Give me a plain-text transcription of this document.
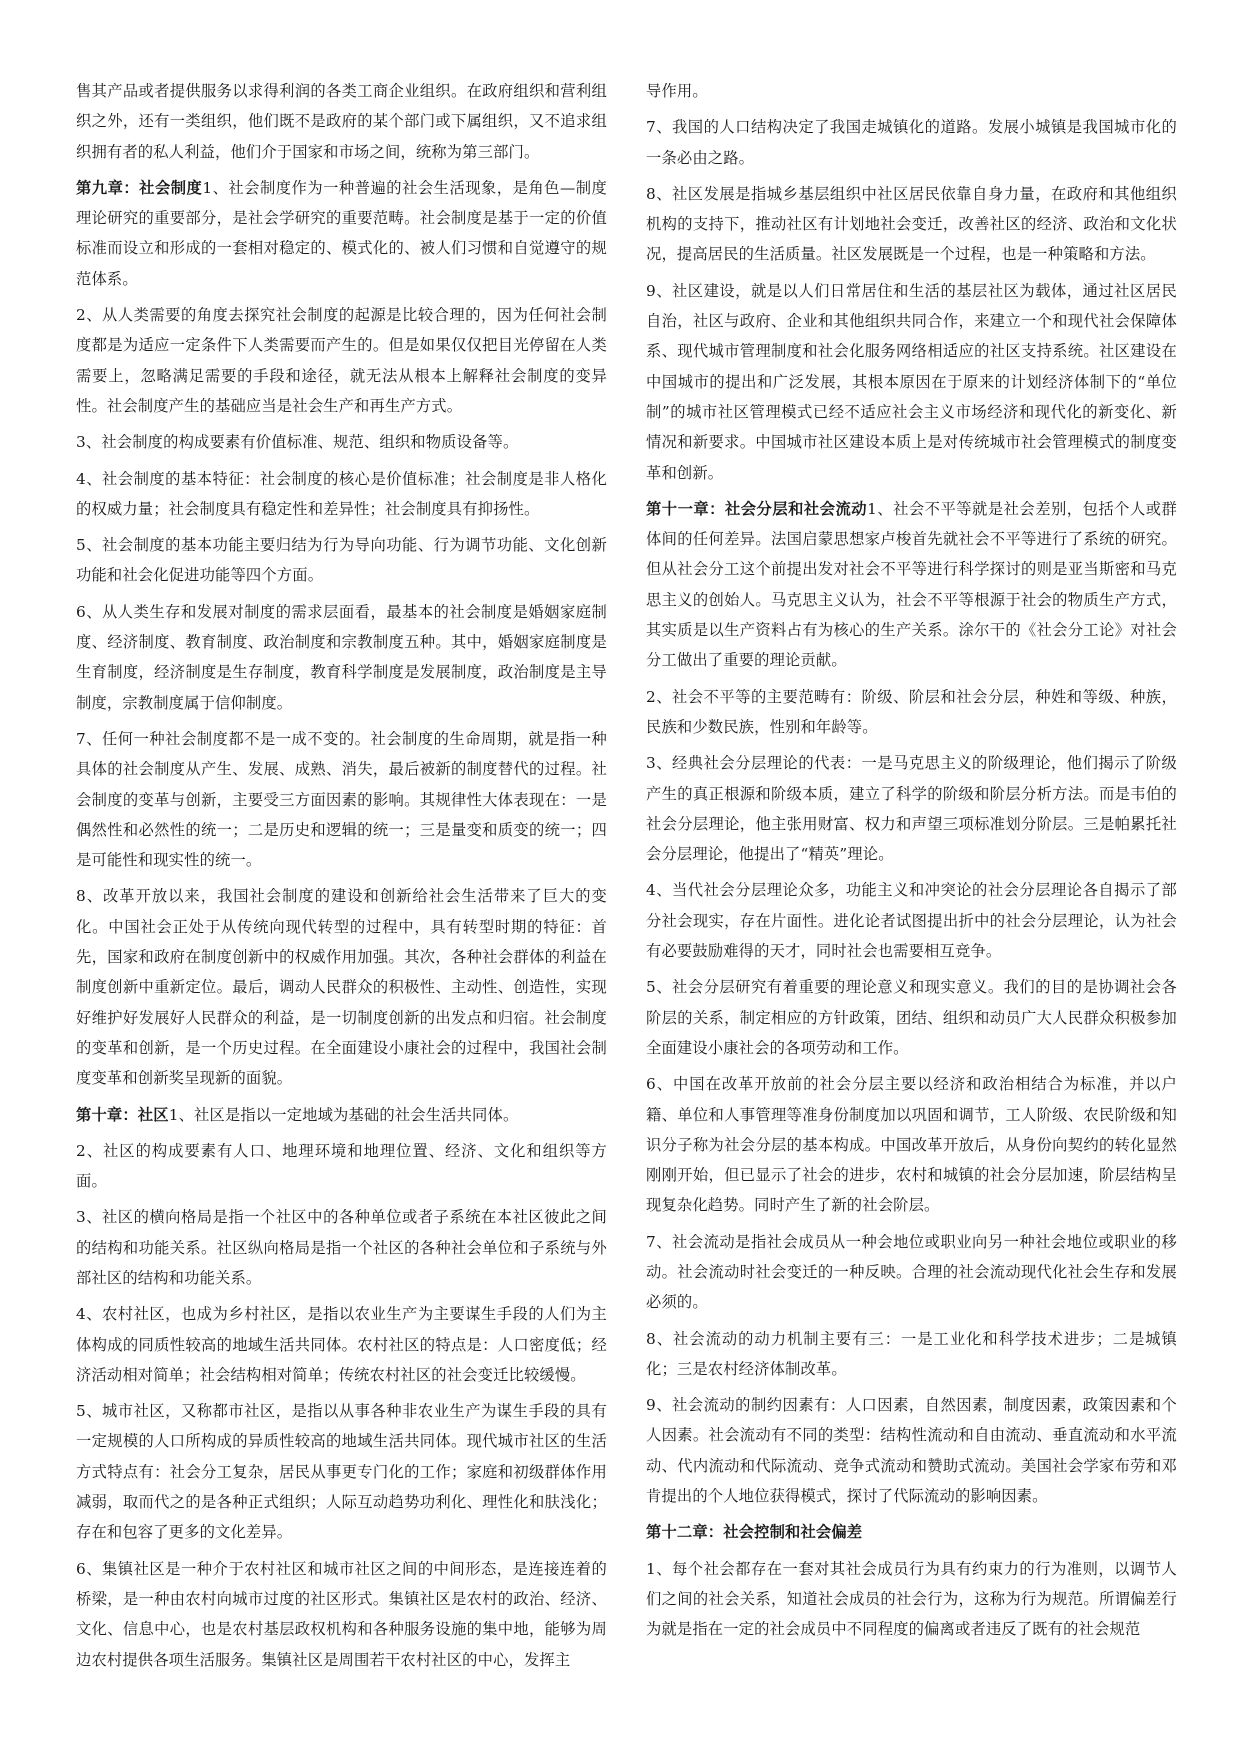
售其产品或者提供服务以求得利润的各类工商企业组织。在政府组织和营利组织之外，还有一类组织，他们既不是政府的某个部门或下属组织，又不追求组织拥有者的私人利益，他们介于国家和市场之间，统称为第三部门。

第九章：社会制度1、社会制度作为一种普遍的社会生活现象，是角色—制度理论研究的重要部分，是社会学研究的重要范畴。社会制度是基于一定的价值标准而设立和形成的一套相对稳定的、模式化的、被人们习惯和自觉遵守的规范体系。

2、从人类需要的角度去探究社会制度的起源是比较合理的，因为任何社会制度都是为适应一定条件下人类需要而产生的。但是如果仅仅把目光停留在人类需要上，忽略满足需要的手段和途径，就无法从根本上解释社会制度的变异性。社会制度产生的基础应当是社会生产和再生产方式。

3、社会制度的构成要素有价值标准、规范、组织和物质设备等。

4、社会制度的基本特征：社会制度的核心是价值标准；社会制度是非人格化的权威力量；社会制度具有稳定性和差异性；社会制度具有抑扬性。

5、社会制度的基本功能主要归结为行为导向功能、行为调节功能、文化创新功能和社会化促进功能等四个方面。

6、从人类生存和发展对制度的需求层面看，最基本的社会制度是婚姻家庭制度、经济制度、教育制度、政治制度和宗教制度五种。其中，婚姻家庭制度是生育制度，经济制度是生存制度，教育科学制度是发展制度，政治制度是主导制度，宗教制度属于信仰制度。

7、任何一种社会制度都不是一成不变的。社会制度的生命周期，就是指一种具体的社会制度从产生、发展、成熟、消失，最后被新的制度替代的过程。社会制度的变革与创新，主要受三方面因素的影响。其规律性大体表现在：一是偶然性和必然性的统一；二是历史和逻辑的统一；三是量变和质变的统一；四是可能性和现实性的统一。

8、改革开放以来，我国社会制度的建设和创新给社会生活带来了巨大的变化。中国社会正处于从传统向现代转型的过程中，具有转型时期的特征：首先，国家和政府在制度创新中的权威作用加强。其次，各种社会群体的利益在制度创新中重新定位。最后，调动人民群众的积极性、主动性、创造性，实现好维护好发展好人民群众的利益，是一切制度创新的出发点和归宿。社会制度的变革和创新，是一个历史过程。在全面建设小康社会的过程中，我国社会制度变革和创新奖呈现新的面貌。

第十章：社区1、社区是指以一定地域为基础的社会生活共同体。

2、社区的构成要素有人口、地理环境和地理位置、经济、文化和组织等方面。

3、社区的横向格局是指一个社区中的各种单位或者子系统在本社区彼此之间的结构和功能关系。社区纵向格局是指一个社区的各种社会单位和子系统与外部社区的结构和功能关系。

4、农村社区，也成为乡村社区，是指以农业生产为主要谋生手段的人们为主体构成的同质性较高的地域生活共同体。农村社区的特点是：人口密度低；经济活动相对简单；社会结构相对简单；传统农村社区的社会变迁比较缓慢。

5、城市社区，又称都市社区，是指以从事各种非农业生产为谋生手段的具有一定规模的人口所构成的异质性较高的地域生活共同体。现代城市社区的生活方式特点有：社会分工复杂，居民从事更专门化的工作；家庭和初级群体作用减弱，取而代之的是各种正式组织；人际互动趋势功利化、理性化和肤浅化；存在和包容了更多的文化差异。

6、集镇社区是一种介于农村社区和城市社区之间的中间形态，是连接连着的桥梁，是一种由农村向城市过度的社区形式。集镇社区是农村的政治、经济、文化、信息中心，也是农村基层政权机构和各种服务设施的集中地，能够为周边农村提供各项生活服务。集镇社区是周围若干农村社区的中心，发挥主

导作用。

7、我国的人口结构决定了我国走城镇化的道路。发展小城镇是我国城市化的一条必由之路。

8、社区发展是指城乡基层组织中社区居民依靠自身力量，在政府和其他组织机构的支持下，推动社区有计划地社会变迁，改善社区的经济、政治和文化状况，提高居民的生活质量。社区发展既是一个过程，也是一种策略和方法。

9、社区建设，就是以人们日常居住和生活的基层社区为载体，通过社区居民自治，社区与政府、企业和其他组织共同合作，来建立一个和现代社会保障体系、现代城市管理制度和社会化服务网络相适应的社区支持系统。社区建设在中国城市的提出和广泛发展，其根本原因在于原来的计划经济体制下的“单位制”的城市社区管理模式已经不适应社会主义市场经济和现代化的新变化、新情况和新要求。中国城市社区建设本质上是对传统城市社会管理模式的制度变革和创新。

第十一章：社会分层和社会流动1、社会不平等就是社会差别，包括个人或群体间的任何差异。法国启蒙思想家卢梭首先就社会不平等进行了系统的研究。但从社会分工这个前提出发对社会不平等进行科学探讨的则是亚当斯密和马克思主义的创始人。马克思主义认为，社会不平等根源于社会的物质生产方式，其实质是以生产资料占有为核心的生产关系。涂尔干的《社会分工论》对社会分工做出了重要的理论贡献。

2、社会不平等的主要范畴有：阶级、阶层和社会分层，种姓和等级、种族，民族和少数民族，性别和年龄等。

3、经典社会分层理论的代表：一是马克思主义的阶级理论，他们揭示了阶级产生的真正根源和阶级本质，建立了科学的阶级和阶层分析方法。而是韦伯的社会分层理论，他主张用财富、权力和声望三项标准划分阶层。三是帕累托社会分层理论，他提出了“精英”理论。

4、当代社会分层理论众多，功能主义和冲突论的社会分层理论各自揭示了部分社会现实，存在片面性。进化论者试图提出折中的社会分层理论，认为社会有必要鼓励难得的天才，同时社会也需要相互竞争。

5、社会分层研究有着重要的理论意义和现实意义。我们的目的是协调社会各阶层的关系，制定相应的方针政策，团结、组织和动员广大人民群众积极参加全面建设小康社会的各项劳动和工作。

6、中国在改革开放前的社会分层主要以经济和政治相结合为标准，并以户籍、单位和人事管理等准身份制度加以巩固和调节，工人阶级、农民阶级和知识分子称为社会分层的基本构成。中国改革开放后，从身份向契约的转化显然刚刚开始，但已显示了社会的进步，农村和城镇的社会分层加速，阶层结构呈现复杂化趋势。同时产生了新的社会阶层。

7、社会流动是指社会成员从一种会地位或职业向另一种社会地位或职业的移动。社会流动时社会变迁的一种反映。合理的社会流动现代化社会生存和发展必须的。

8、社会流动的动力机制主要有三：一是工业化和科学技术进步；二是城镇化；三是农村经济体制改革。

9、社会流动的制约因素有：人口因素，自然因素，制度因素，政策因素和个人因素。社会流动有不同的类型：结构性流动和自由流动、垂直流动和水平流动、代内流动和代际流动、竞争式流动和赞助式流动。美国社会学家布劳和邓肯提出的个人地位获得模式，探讨了代际流动的影响因素。

第十二章：社会控制和社会偏差

1、每个社会都存在一套对其社会成员行为具有约束力的行为准则，以调节人们之间的社会关系，知道社会成员的社会行为，这称为行为规范。所谓偏差行为就是指在一定的社会成员中不同程度的偏离或者违反了既有的社会规范
